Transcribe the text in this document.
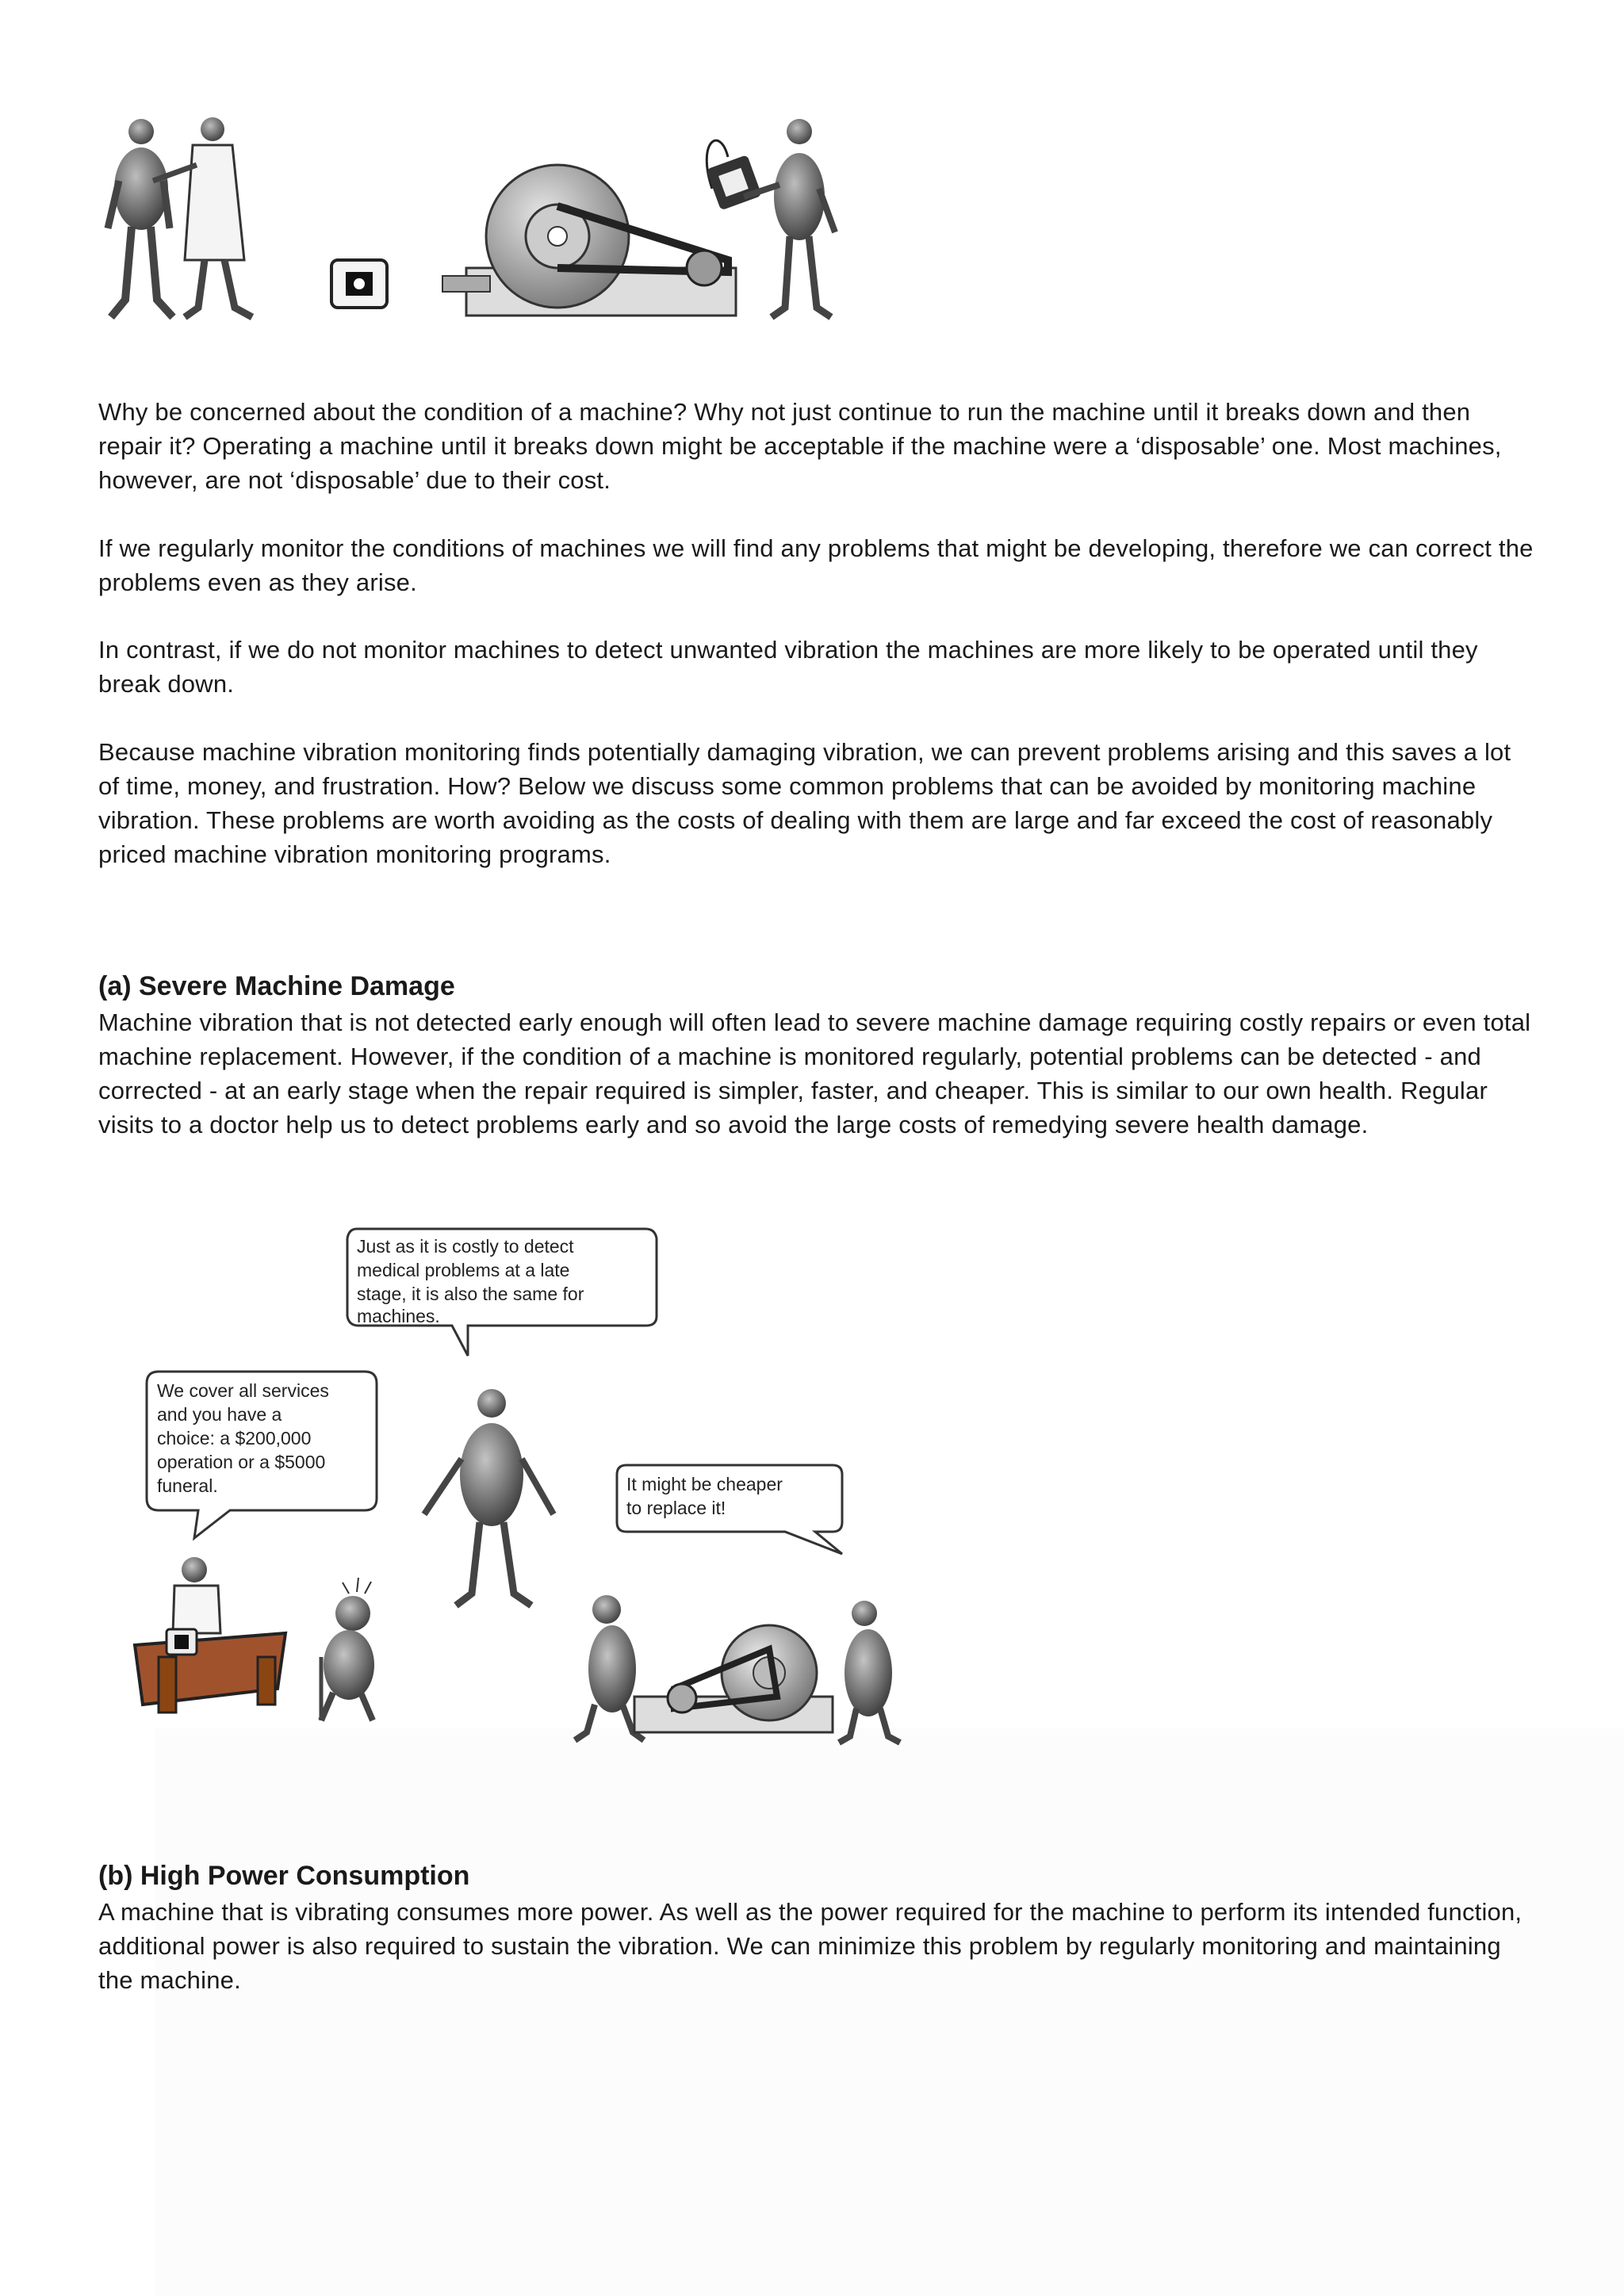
Why be concerned about the condition of a machine? Why not just continue to run the machine until it breaks down and then repair it? Operating a machine until it breaks down might be acceptable if the machine were a ‘disposable’ one. Most machines, however, are not ‘disposable’ due to their cost.

If we regularly monitor the conditions of machines we will find any problems that might be developing, therefore we can correct the problems even as they arise.

In contrast, if we do not monitor machines to detect unwanted vibration the machines are more likely to be operated until they break down.

Because machine vibration monitoring finds potentially damaging vibration, we can prevent problems arising and this saves a lot of time, money, and frustration. How? Below we discuss some common problems that can be avoided by monitoring machine vibration. These problems are worth avoiding as the costs of dealing with them are large and far exceed the cost of reasonably priced machine vibration monitoring programs.

(a) Severe Machine Damage

Machine vibration that is not detected early enough will often lead to severe machine damage requiring costly repairs or even total machine replacement. However, if the condition of a machine is monitored regularly, potential problems can be detected - and corrected - at an early stage when the repair required is simpler, faster, and cheaper. This is similar to our own health. Regular visits to a doctor help us to detect problems early and so avoid the large costs of remedying severe health damage.

Just as it is costly to detect
medical problems at a late
stage, it is also the same for
machines.
We cover all services
and you have a
choice: a $200,000
operation or a $5000
funeral.	It might be cheaper
to replace it!
(b) High Power Consumption

A machine that is vibrating consumes more power. As well as the power required for the machine to perform its intended function, additional power is also required to sustain the vibration. We can minimize this problem by regularly monitoring and maintaining the machine.
